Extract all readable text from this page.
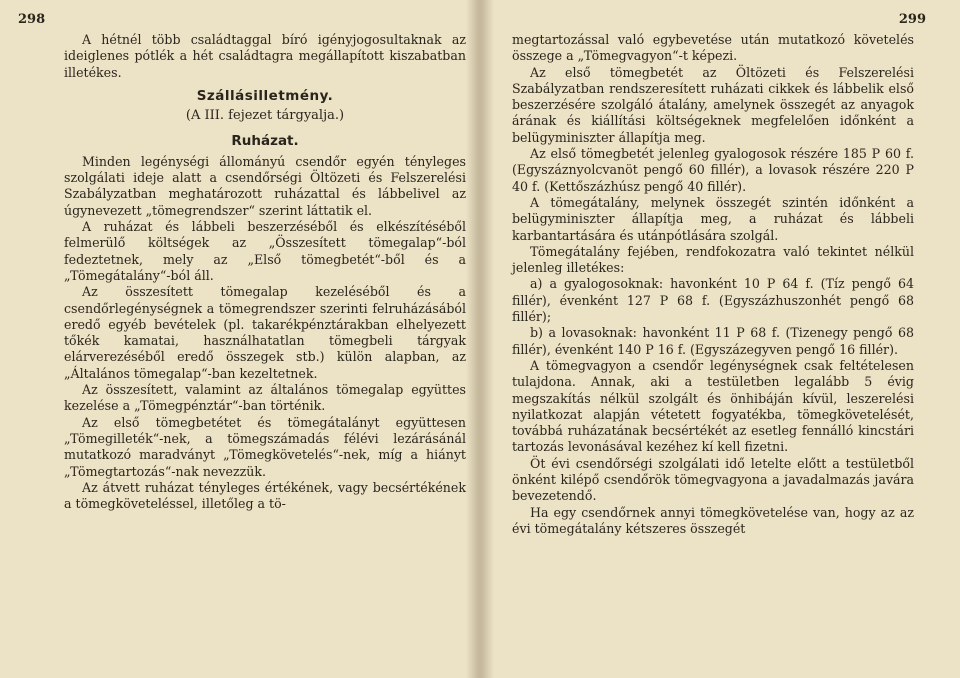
298

A hétnél több családtaggal bíró igényjogosultaknak az ideiglenes pótlék a hét családtagra megállapított kiszabatban illetékes.

Szállásilletmény.
(A III. fejezet tárgyalja.)
Ruházat.

Minden legénységi állományú csendőr egyén tényleges szolgálati ideje alatt a csendőrségi Öltözeti és Felszerelési Szabályzatban meghatározott ruházattal és lábbelivel az úgynevezett „tömegrendszer“ szerint láttatik el.

A ruházat és lábbeli beszerzéséből és elkészítéséből felmerülő költségek az „Összesített tömegalap“-ból fedeztetnek, mely az „Első tömegbetét“-ből és a „Tömegátalány“-ból áll.

Az összesített tömegalap kezeléséből és a csendőrlegénységnek a tömegrendszer szerinti felruházásából eredő egyéb bevételek (pl. takarékpénztárakban elhelyezett tőkék kamatai, használhatatlan tömegbeli tárgyak elárverezéséből eredő összegek stb.) külön alapban, az „Általános tömegalap“-ban kezeltetnek.

Az összesített, valamint az általános tömegalap együttes kezelése a „Tömegpénztár“-ban történik.

Az első tömegbetétet és tömegátalányt együttesen „Tömegilleték“-nek, a tömegszámadás félévi lezárásánál mutatkozó maradványt „Tömegkövetelés“-nek, míg a hiányt „Tömegtartozás“-nak nevezzük.

Az átvett ruházat tényleges értékének, vagy becsértékének a tömegköveteléssel, illetőleg a tö-

299

megtartozással való egybevetése után mutatkozó követelés összege a „Tömegvagyon“-t képezi.

Az első tömegbetét az Öltözeti és Felszerelési Szabályzatban rendszeresített ruházati cikkek és lábbelik első beszerzésére szolgáló átalány, amelynek összegét az anyagok árának és kiállítási költségeknek megfelelően időnként a belügyminiszter állapítja meg.

Az első tömegbetét jelenleg gyalogosok részére 185 P 60 f. (Egyszáznyolcvanöt pengő 60 fillér), a lovasok részére 220 P 40 f. (Kettőszázhúsz pengő 40 fillér).

A tömegátalány, melynek összegét szintén időnként a belügyminiszter állapítja meg, a ruházat és lábbeli karbantartására és utánpótlására szolgál.

Tömegátalány fejében, rendfokozatra való tekintet nélkül jelenleg illetékes:

a) a gyalogosoknak: havonként 10 P 64 f. (Tíz pengő 64 fillér), évenként 127 P 68 f. (Egyszázhuszonhét pengő 68 fillér);

b) a lovasoknak: havonként 11 P 68 f. (Tizenegy pengő 68 fillér), évenként 140 P 16 f. (Egyszázegyven pengő 16 fillér).

A tömegvagyon a csendőr legénységnek csak feltételesen tulajdona. Annak, aki a testületben legalább 5 évig megszakítás nélkül szolgált és önhibáján kívül, leszerelési nyilatkozat alapján vétetett fogyatékba, tömegkövetelését, továbbá ruházatának becsértékét az esetleg fennálló kincstári tartozás levonásával kezéhez kí kell fizetni.

Öt évi csendőrségi szolgálati idő letelte előtt a testületből önként kilépő csendőrök tömegvagyona a javadalmazás javára bevezetendő.

Ha egy csendőrnek annyi tömegkövetelése van, hogy az az évi tömegátalány kétszeres összegét
